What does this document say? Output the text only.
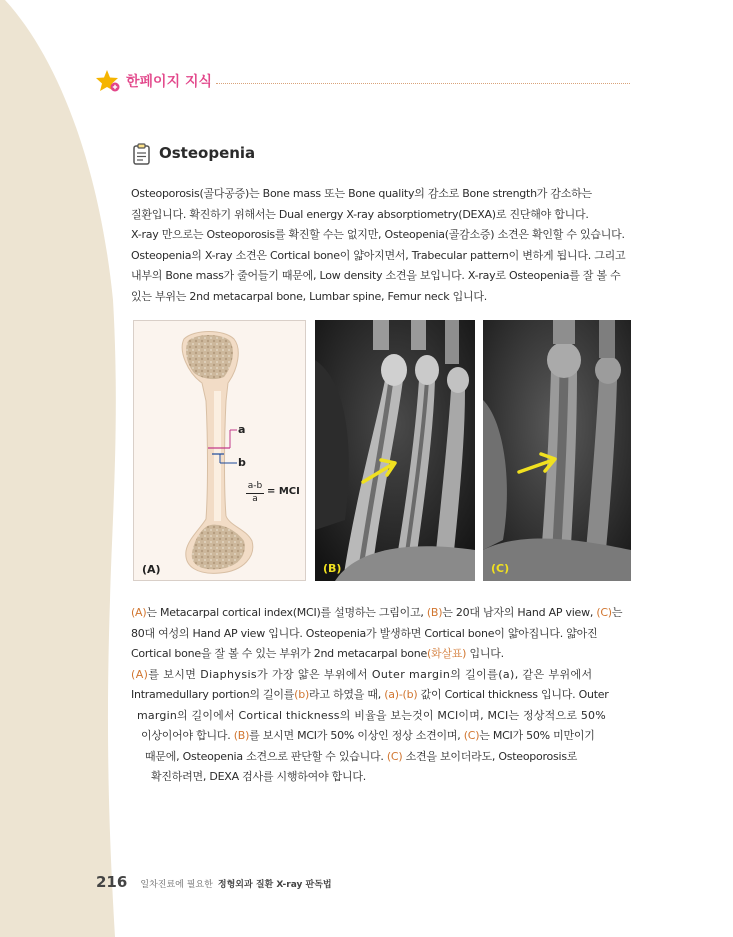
한페이지 지식
Osteopenia

Osteoporosis(골다공증)는 Bone mass 또는 Bone quality의 감소로 Bone strength가 감소하는

질환입니다. 확진하기 위해서는 Dual energy X-ray absorptiometry(DEXA)로 진단해야 합니다.

X-ray 만으로는 Osteoporosis를 확진할 수는 없지만, Osteopenia(골감소증) 소견은 확인할 수 있습니다.

Osteopenia의 X-ray 소견은 Cortical bone이 얇아지면서, Trabecular pattern이 변하게 됩니다. 그리고

내부의 Bone mass가 줄어들기 때문에, Low density 소견을 보입니다. X-ray로 Osteopenia를 잘 볼 수

있는 부위는 2nd metacarpal bone, Lumbar spine, Femur neck 입니다.

a
b
a-b
a
= MCI
(A)	(B)	(C)

(A)는 Metacarpal cortical index(MCI)를 설명하는 그림이고, (B)는 20대 남자의 Hand AP view, (C)는

80대 여성의 Hand AP view 입니다. Osteopenia가 발생하면 Cortical bone이 얇아집니다. 얇아진

Cortical bone을 잘 볼 수 있는 부위가 2nd metacarpal bone(화살표) 입니다.

(A)를 보시면 Diaphysis가 가장 얇은 부위에서 Outer margin의 길이를(a), 같은 부위에서

Intramedullary portion의 길이를(b)라고 하였을 때, (a)-(b) 값이 Cortical thickness 입니다. Outer

margin의 길이에서 Cortical thickness의 비율을 보는것이 MCI이며, MCI는 정상적으로 50%

이상이어야 합니다. (B)를 보시면 MCI가 50% 이상인 정상 소견이며, (C)는 MCI가 50% 미만이기

때문에, Osteopenia 소견으로 판단할 수 있습니다. (C) 소견을 보이더라도, Osteoporosis로

확진하려면, DEXA 검사를 시행하여야 합니다.

216 일차진료에 필요한 정형외과 질환 X-ray 판독법
